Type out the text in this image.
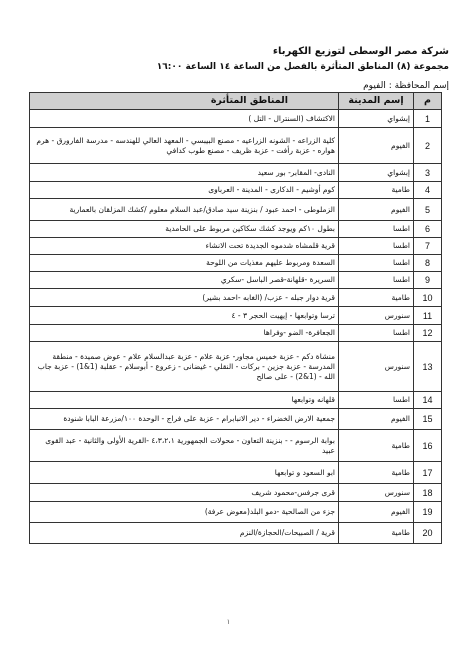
شركة مصر الوسطى لتوزيع الكهرباء
مجموعة (٨) المناطق المتأثرة بالفصل من الساعة ١٤ الساعة ١٦:٠٠
إسم المحافظة : الفيوم
م	إسم المدينة	المناطق المتأثرة
1	إبشواي	الاكتشاف (السنترال - التل )
2	الفيوم	كلية الزراعه - الشونه الزراعيه - مصنع البيبسي - المعهد العالي للهندسه - مدرسة الفارورق - هرم هواره - عزبة رأفت - عزبة ظريف - مصنع طوب كدافي
3	إبشواي	النادى- المقابر- بور سعيد
4	طامية	كوم أوشيم - الدكارى - المدينة - العرباوى
5	الفيوم	الزملوطى - احمد عبود / بنزينة سيد صادق/عبد السلام معلوم /كشك المزلقان بالعمارية
6	اطسا	بطول ١٠كم ويوجد كشك سكاكين مربوط على الحامدية
7	اطسا	قرية قلمشاه شدموه الجديدة تحت الانشاء
8	اطسا	السعدة ومربوط عليهم مغذيات من اللوحة
9	اطسا	السريرة -قلهانة-قصر الباسل -سكري
10	طامية	قرية دوار جبله - عزب/ (الغابه -احمد بشير)
11	سنورس	ترسا وتوابعها - إيهيت الحجر ٣ - ٤
12	اطسا	الجعافرة- الضو -وفراها
13	سنورس	منشاة دكم - عزبة خميس مجاور- عزبة علام - عزبة عبدالسلام علام - عوض صميدة - منطقة المدرسة - عزبة جزين - بركات - النقلي - غيضانى - زعروع - أبوسلام - عقلبة (1&1) - عزبة جاب الله - (1&2) - على صالح
14	اطسا	قلهانه وتوابعها
15	الفيوم	جمعية الارض الخضراء - دير الانبابرام - عزبة على فراج - الوحدة ١٠٠/مزرعة البابا شنودة
16	طامية	بوابة الرسوم - - بنزينة التعاون - محولات الجمهورية ٤،٣،٢،١ -القرية الأولى والثانية - عبد القوى عبيد
17	طامية	ابو السعود و توابعها
18	سنورس	قرى جرفس-محمود شريف
19	الفيوم	جزء من الصالحية -دمو البلد(معوض عرفة)
20	طامية	قرية / الصبيحات/الحجازة/النزم
١
